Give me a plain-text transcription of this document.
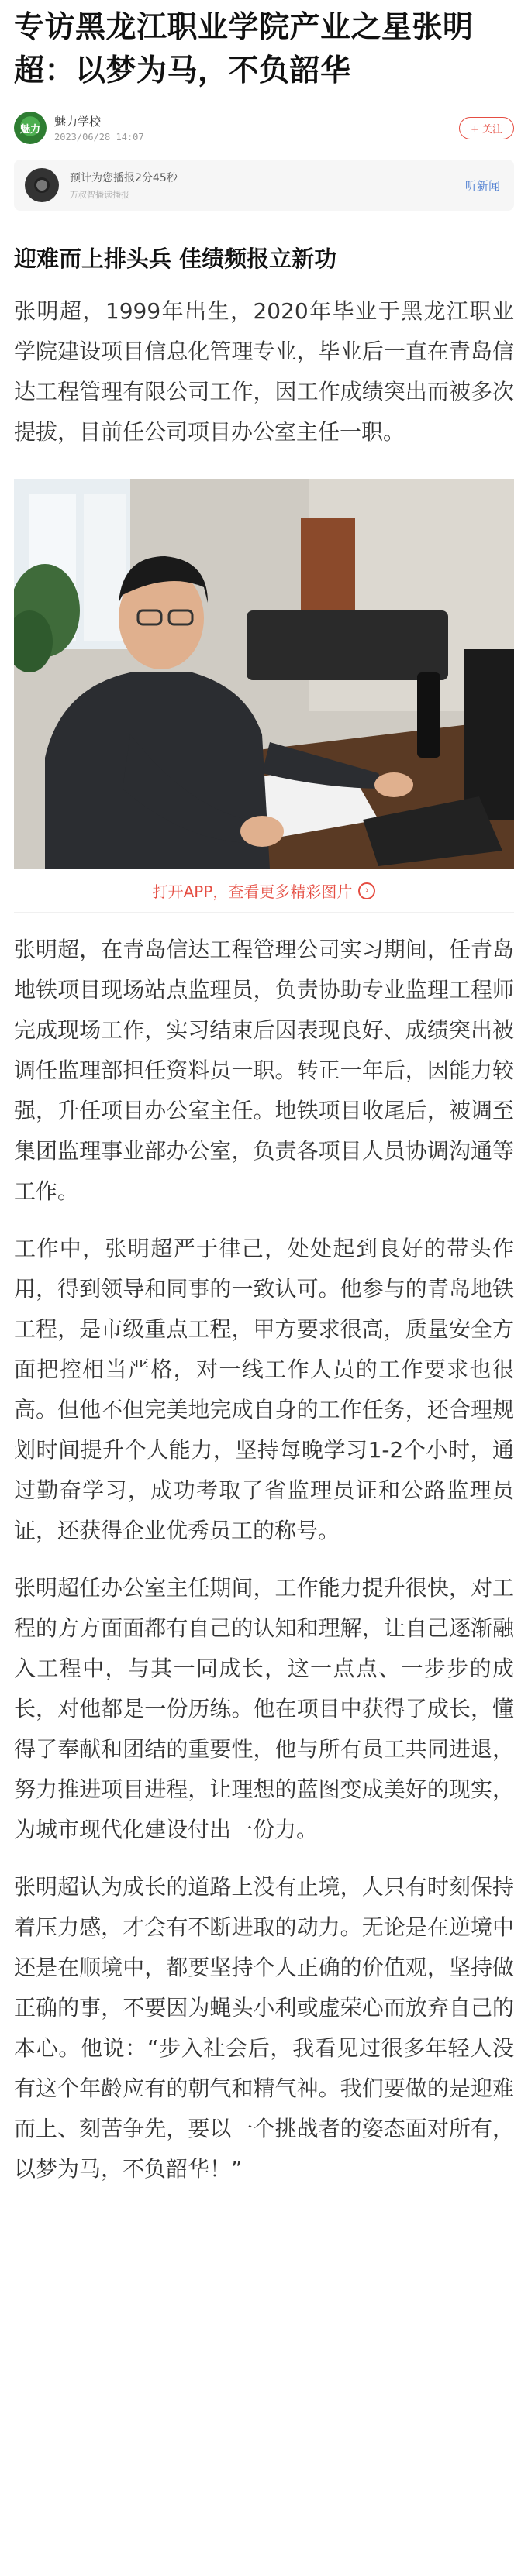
专访黑龙江职业学院产业之星张明超：以梦为马，不负韶华
魅力
魅力学校
2023/06/28 14:07
+ 关注
预计为您播报2分45秒
万叔智播读播报
听新闻
迎难而上排头兵 佳绩频报立新功

张明超，1999年出生，2020年毕业于黑龙江职业学院建设项目信息化管理专业，毕业后一直在青岛信达工程管理有限公司工作，因工作成绩突出而被多次提拔，目前任公司项目办公室主任一职。

打开APP，查看更多精彩图片	›

张明超，在青岛信达工程管理公司实习期间，任青岛地铁项目现场站点监理员，负责协助专业监理工程师完成现场工作，实习结束后因表现良好、成绩突出被调任监理部担任资料员一职。转正一年后，因能力较强，升任项目办公室主任。地铁项目收尾后，被调至集团监理事业部办公室，负责各项目人员协调沟通等工作。

工作中，张明超严于律己，处处起到良好的带头作用，得到领导和同事的一致认可。他参与的青岛地铁工程，是市级重点工程，甲方要求很高，质量安全方面把控相当严格，对一线工作人员的工作要求也很高。但他不但完美地完成自身的工作任务，还合理规划时间提升个人能力，坚持每晚学习1-2个小时，通过勤奋学习，成功考取了省监理员证和公路监理员证，还获得企业优秀员工的称号。

张明超任办公室主任期间，工作能力提升很快，对工程的方方面面都有自己的认知和理解，让自己逐渐融入工程中，与其一同成长，这一点点、一步步的成长，对他都是一份历练。他在项目中获得了成长，懂得了奉献和团结的重要性，他与所有员工共同进退，努力推进项目进程，让理想的蓝图变成美好的现实，为城市现代化建设付出一份力。

张明超认为成长的道路上没有止境，人只有时刻保持着压力感，才会有不断进取的动力。无论是在逆境中还是在顺境中，都要坚持个人正确的价值观，坚持做正确的事，不要因为蝇头小利或虚荣心而放弃自己的本心。他说：“步入社会后，我看见过很多年轻人没有这个年龄应有的朝气和精气神。我们要做的是迎难而上、刻苦争先，要以一个挑战者的姿态面对所有，以梦为马，不负韶华！”
